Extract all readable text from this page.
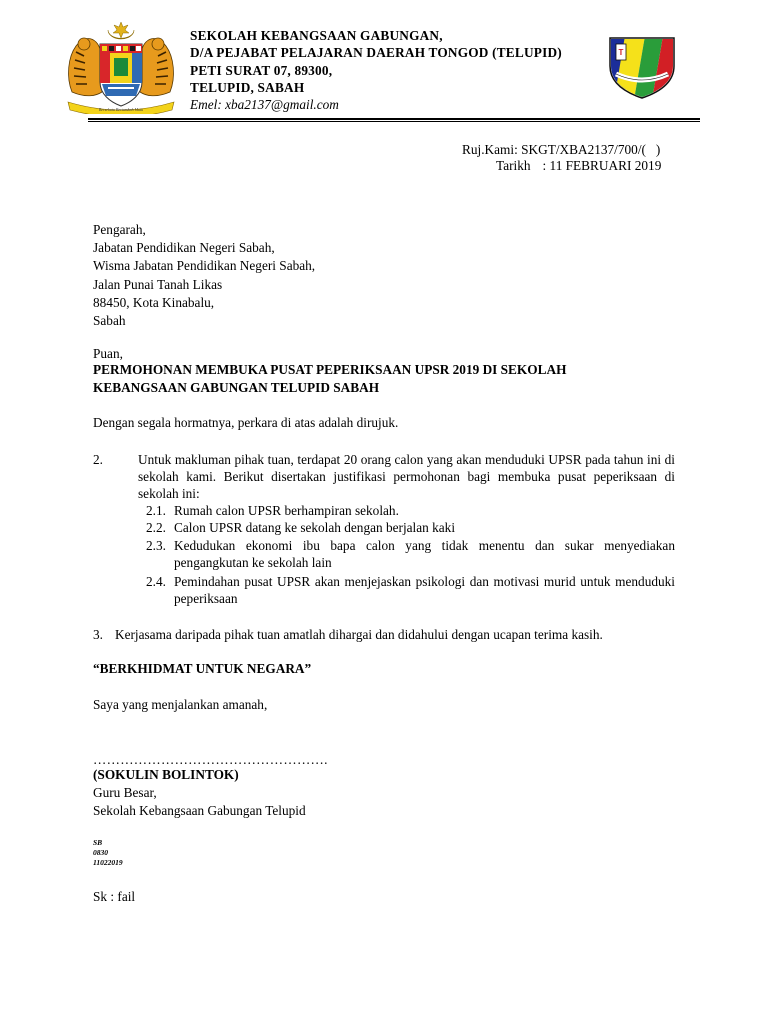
Bersekutu Bertambah Mutu
SEKOLAH KEBANGSAAN GABUNGAN,
D/A PEJABAT PELAJARAN DAERAH TONGOD (TELUPID)
PETI SURAT 07, 89300,
TELUPID, SABAH
Emel: xba2137@gmail.com
T
Ruj.Kami: SKGT/XBA2137/700/(   )
Tarikh : 11 FEBRUARI 2019
Pengarah,
Jabatan Pendidikan Negeri Sabah,
Wisma Jabatan Pendidikan Negeri Sabah,
Jalan Punai Tanah Likas
88450, Kota Kinabalu,
Sabah
Puan,
PERMOHONAN MEMBUKA PUSAT PEPERIKSAAN UPSR 2019 DI SEKOLAH
KEBANGSAAN GABUNGAN TELUPID SABAH
Dengan segala hormatnya, perkara di atas adalah dirujuk.
2.	Untuk makluman pihak tuan, terdapat 20 orang calon yang akan menduduki UPSR pada tahun ini di sekolah kami. Berikut disertakan justifikasi permohonan bagi membuka pusat peperiksaan di sekolah ini:
2.1. Rumah calon UPSR berhampiran sekolah.
2.2. Calon UPSR datang ke sekolah dengan berjalan kaki
2.3. Kedudukan ekonomi ibu bapa calon yang tidak menentu dan sukar menyediakan pengangkutan ke sekolah lain
2.4. Pemindahan pusat UPSR akan menjejaskan psikologi dan motivasi murid untuk menduduki peperiksaan
3. Kerjasama daripada pihak tuan amatlah dihargai dan didahului dengan ucapan terima kasih.
“BERKHIDMAT UNTUK NEGARA”
Saya yang menjalankan amanah,
…………………………………………….
(SOKULIN BOLINTOK)
Guru Besar,
Sekolah Kebangsaan Gabungan Telupid
SB
0830
11022019
Sk : fail
